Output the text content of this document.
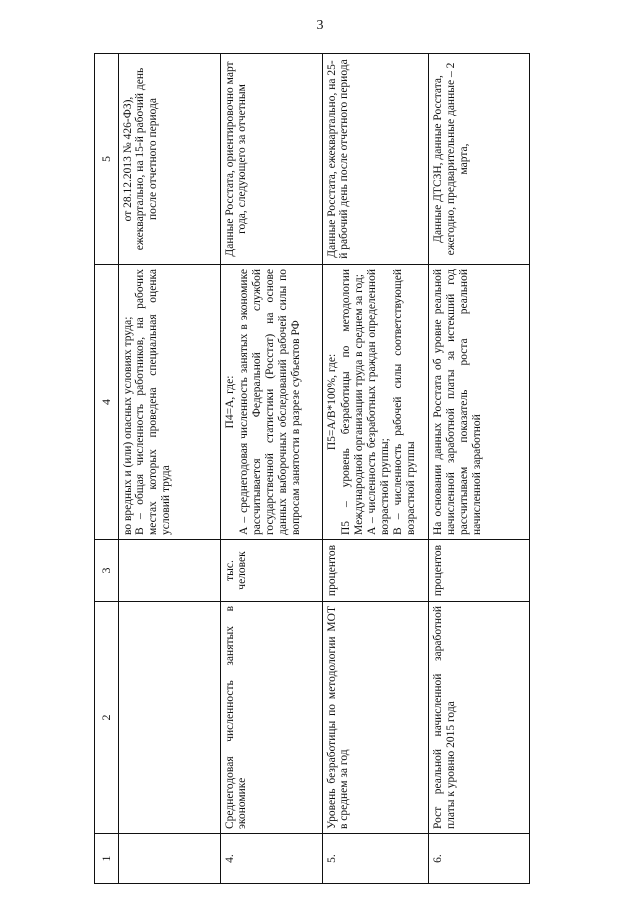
3
1	2	3	4	5

			во вредных и (или) опасных условиях труда; В – общая численность работников, на рабочих местах которых проведена специальная оценка условий труда	от 28.12.2013 № 426-ФЗ), ежеквартально, на 15-й рабочий день после отчетного периода
4.	Среднегодовая численность занятых в экономике	тыс. человек	П4=А, где: А – среднегодовая численность занятых в экономике рассчитывается Федеральной службой государственной статистики (Росстат) на основе данных выборочных обследований рабочей силы по вопросам занятости в разрезе субъектов РФ	Данные Росстата, ориентировочно март года, следующего за отчетным
5.	Уровень безработицы по методологии МОТ в среднем за год	процентов	П5=А/В*100%, где: П5 – уровень безработицы по методологии Международной организации труда в среднем за год; А – численность безработных граждан определенной возрастной группы; В – численность рабочей силы соответствующей возрастной группы	Данные Росстата, ежеквартально, на 25-й рабочий день после отчетного периода
6.	Рост реальной начисленной заработной платы к уровню 2015 года	процентов	На основании данных Росстата об уровне реальной начисленной заработной платы за истекший год рассчитываем показатель роста реальной начисленной заработной	Данные ДТСЗН, данные Росстата, ежегодно, предварительные данные – 2 марта,
